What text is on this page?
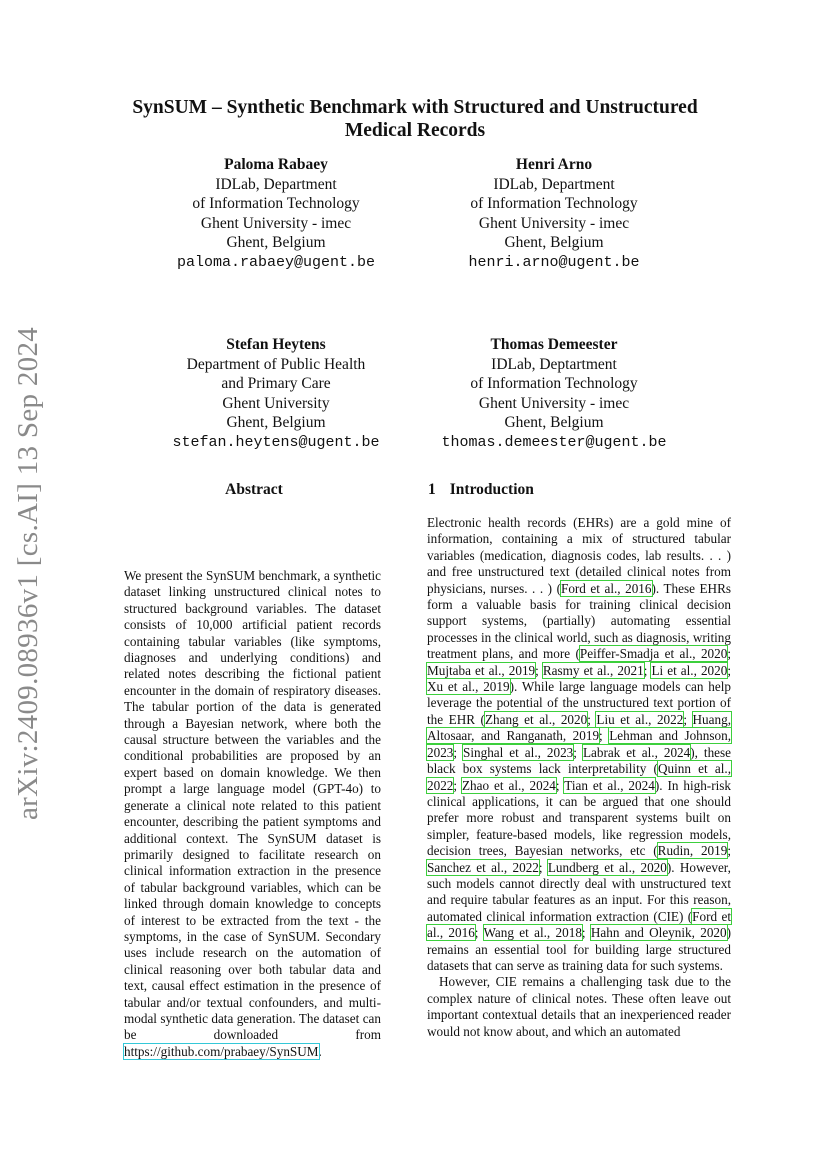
SynSUM – Synthetic Benchmark with Structured and Unstructured
Medical Records
Paloma Rabaey
IDLab, Department
of Information Technology
Ghent University - imec
Ghent, Belgium
paloma.rabaey@ugent.be
Henri Arno
IDLab, Department
of Information Technology
Ghent University - imec
Ghent, Belgium
henri.arno@ugent.be
Stefan Heytens
Department of Public Health
and Primary Care
Ghent University
Ghent, Belgium
stefan.heytens@ugent.be
Thomas Demeester
IDLab, Deptartment
of Information Technology
Ghent University - imec
Ghent, Belgium
thomas.demeester@ugent.be
arXiv:2409.08936v1 [cs.AI] 13 Sep 2024	Abstract
We present the SynSUM benchmark, a synthetic dataset linking unstructured clinical notes to structured background variables. The dataset consists of 10,000 artificial patient records containing tabular variables (like symptoms, diagnoses and underlying conditions) and related notes describing the fictional patient encounter in the domain of respiratory diseases. The tabular portion of the data is generated through a Bayesian network, where both the causal structure between the variables and the conditional probabilities are proposed by an expert based on domain knowledge. We then prompt a large language model (GPT-4o) to generate a clinical note related to this patient encounter, describing the patient symptoms and additional context. The SynSUM dataset is primarily designed to facilitate research on clinical information extraction in the presence of tabular background variables, which can be linked through domain knowledge to concepts of interest to be extracted from the text - the symptoms, in the case of SynSUM. Secondary uses include research on the automation of clinical reasoning over both tabular data and text, causal effect estimation in the presence of tabular and/or textual confounders, and multi-modal synthetic data generation. The dataset can be downloaded from https://github.com/prabaey/SynSUM.
1 Introduction

Electronic health records (EHRs) are a gold mine of information, containing a mix of structured tabular variables (medication, diagnosis codes, lab results. . . ) and free unstructured text (detailed clinical notes from physicians, nurses. . . ) (Ford et al., 2016). These EHRs form a valuable basis for training clinical decision support systems, (partially) automating essential processes in the clinical world, such as diagnosis, writing treatment plans, and more (Peiffer-Smadja et al., 2020; Mujtaba et al., 2019; Rasmy et al., 2021; Li et al., 2020; Xu et al., 2019). While large language models can help leverage the potential of the unstructured text portion of the EHR (Zhang et al., 2020; Liu et al., 2022; Huang, Altosaar, and Ranganath, 2019; Lehman and Johnson, 2023; Singhal et al., 2023; Labrak et al., 2024), these black box systems lack interpretability (Quinn et al., 2022; Zhao et al., 2024; Tian et al., 2024). In high-risk clinical applications, it can be argued that one should prefer more robust and transparent systems built on simpler, feature-based models, like regression models, decision trees, Bayesian networks, etc (Rudin, 2019; Sanchez et al., 2022; Lundberg et al., 2020). However, such models cannot directly deal with unstructured text and require tabular features as an input. For this reason, automated clinical information extraction (CIE) (Ford et al., 2016; Wang et al., 2018; Hahn and Oleynik, 2020) remains an essential tool for building large structured datasets that can serve as training data for such systems.

However, CIE remains a challenging task due to the complex nature of clinical notes. These often leave out important contextual details that an inexperienced reader would not know about, and which an automated
